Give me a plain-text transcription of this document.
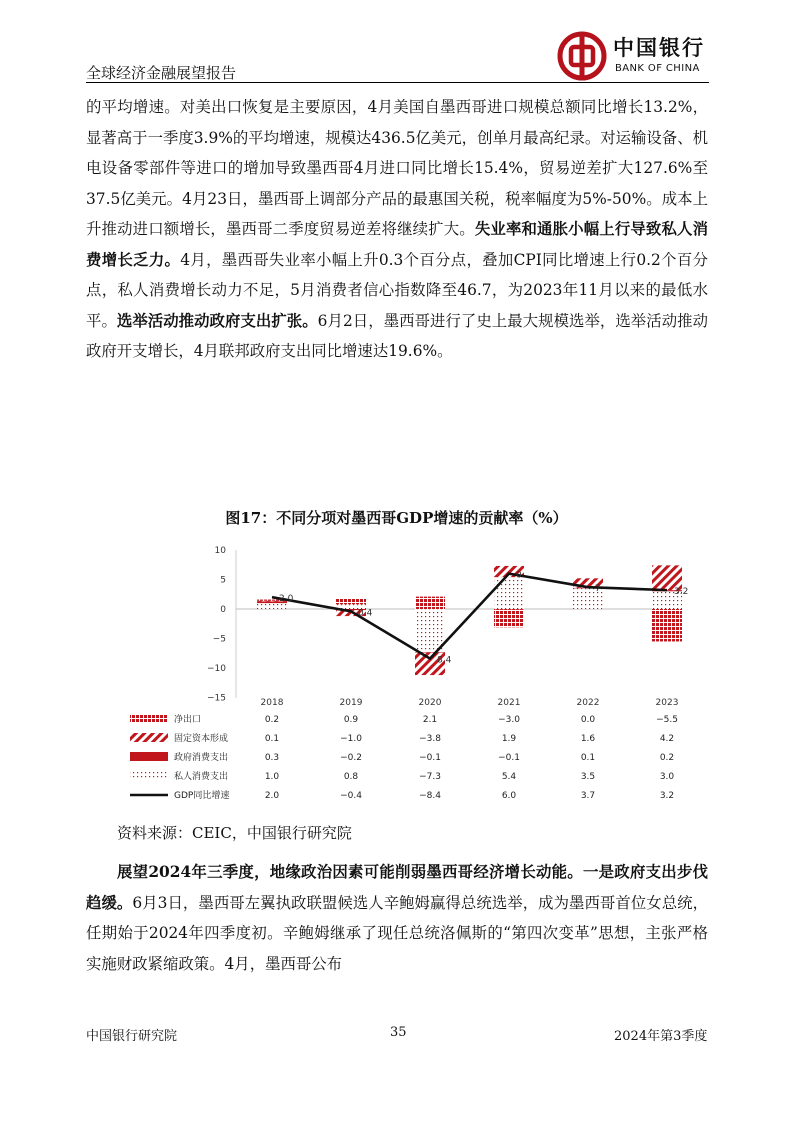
全球经济金融展望报告
中国银行
BANK OF CHINA
的平均增速。对美出口恢复是主要原因，4月美国自墨西哥进口规模总额同比增长13.2%，显著高于一季度3.9%的平均增速，规模达436.5亿美元，创单月最高纪录。对运输设备、机电设备零部件等进口的增加导致墨西哥4月进口同比增长15.4%，贸易逆差扩大127.6%至37.5亿美元。4月23日，墨西哥上调部分产品的最惠国关税，税率幅度为5%-50%。成本上升推动进口额增长，墨西哥二季度贸易逆差将继续扩大。失业率和通胀小幅上行导致私人消费增长乏力。4月，墨西哥失业率小幅上升0.3个百分点，叠加CPI同比增速上行0.2个百分点，私人消费增长动力不足，5月消费者信心指数降至46.7，为2023年11月以来的最低水平。选举活动推动政府支出扩张。6月2日，墨西哥进行了史上最大规模选举，选举活动推动政府开支增长，4月联邦政府支出同比增速达19.6%。
图17：不同分项对墨西哥GDP增速的贡献率（%）
10
5
0
−5
−10
−15	2018	2019	2020	2021	2022	2023
2.0
0.4
8.4
0
7	3.2
净出口	0.2	0.9	2.1	−3.0	0.0	−5.5
固定资本形成	0.1	−1.0	−3.8	1.9	1.6	4.2
政府消费支出	0.3	−0.2	−0.1	−0.1	0.1	0.2
私人消费支出	1.0	0.8	−7.3	5.4	3.5	3.0
GDP同比增速	2.0	−0.4	−8.4	6.0	3.7	3.2
资料来源：CEIC，中国银行研究院
展望2024年三季度，地缘政治因素可能削弱墨西哥经济增长动能。一是政府支出步伐趋缓。6月3日，墨西哥左翼执政联盟候选人辛鲍姆赢得总统选举，成为墨西哥首位女总统，任期始于2024年四季度初。辛鲍姆继承了现任总统洛佩斯的“第四次变革”思想，主张严格实施财政紧缩政策。4月，墨西哥公布
中国银行研究院	35	2024年第3季度
